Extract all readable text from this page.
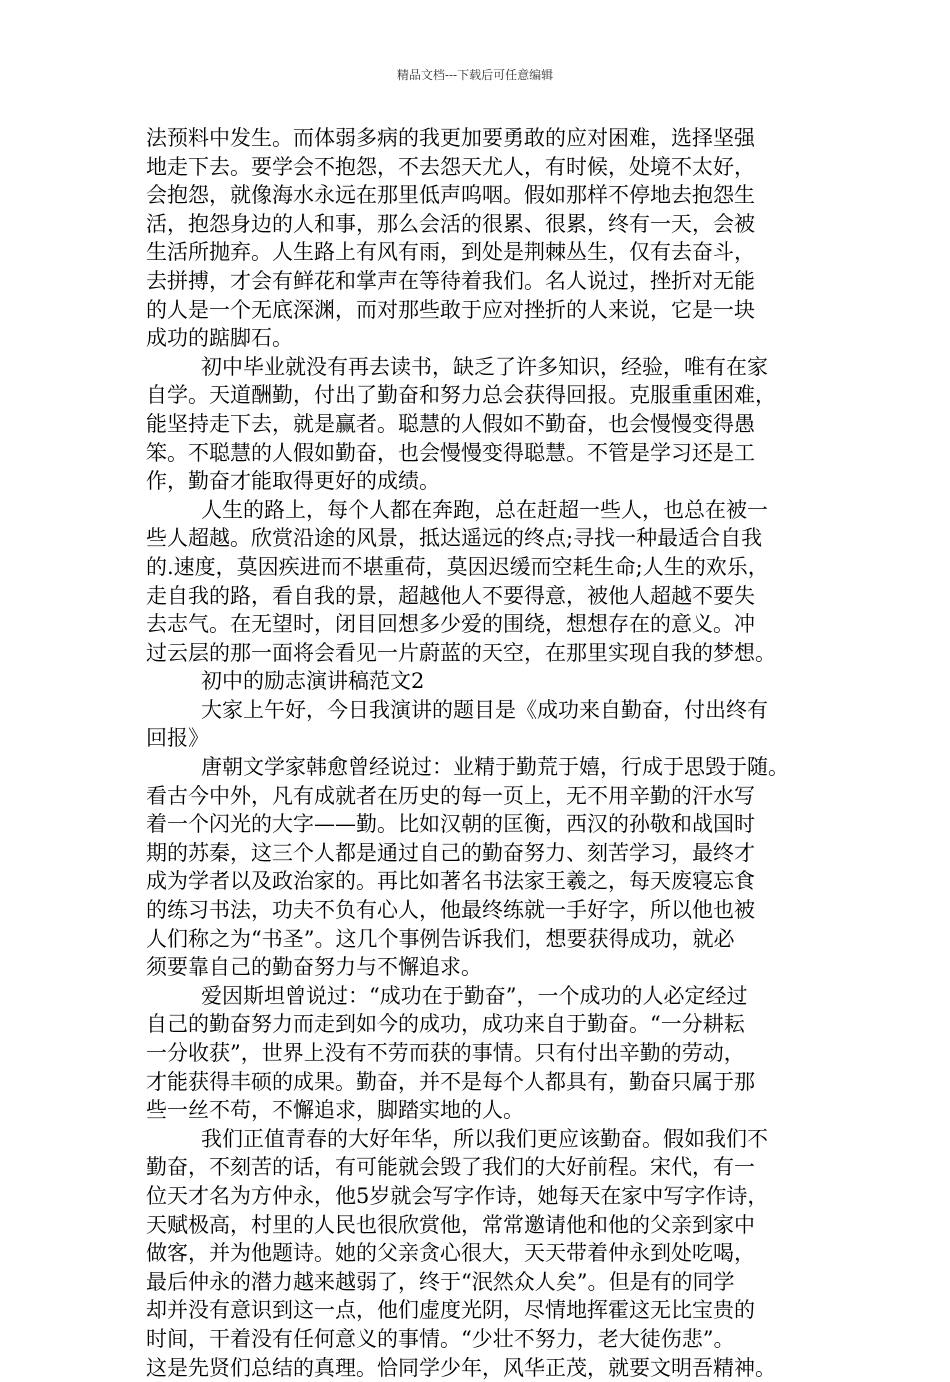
精品文档---下载后可任意编辑
法预料中发生。而体弱多病的我更加要勇敢的应对困难，选择坚强
地走下去。要学会不抱怨，不去怨天尤人，有时候，处境不太好，
会抱怨，就像海水永远在那里低声呜咽。假如那样不停地去抱怨生
活，抱怨身边的人和事，那么会活的很累、很累，终有一天，会被
生活所抛弃。人生路上有风有雨，到处是荆棘丛生，仅有去奋斗，
去拼搏，才会有鲜花和掌声在等待着我们。名人说过，挫折对无能
的人是一个无底深渊，而对那些敢于应对挫折的人来说，它是一块
成功的踮脚石。
初中毕业就没有再去读书，缺乏了许多知识，经验，唯有在家
自学。天道酬勤，付出了勤奋和努力总会获得回报。克服重重困难，
能坚持走下去，就是赢者。聪慧的人假如不勤奋，也会慢慢变得愚
笨。不聪慧的人假如勤奋，也会慢慢变得聪慧。不管是学习还是工
作，勤奋才能取得更好的成绩。
人生的路上，每个人都在奔跑，总在赶超一些人，也总在被一
些人超越。欣赏沿途的风景，抵达遥远的终点;寻找一种最适合自我
的.速度，莫因疾进而不堪重荷，莫因迟缓而空耗生命;人生的欢乐，
走自我的路，看自我的景，超越他人不要得意，被他人超越不要失
去志气。在无望时，闭目回想多少爱的围绕，想想存在的意义。冲
过云层的那一面将会看见一片蔚蓝的天空，在那里实现自我的梦想。
初中的励志演讲稿范文2
大家上午好，今日我演讲的题目是《成功来自勤奋，付出终有
回报》
唐朝文学家韩愈曾经说过：业精于勤荒于嬉，行成于思毁于随。
看古今中外，凡有成就者在历史的每一页上，无不用辛勤的汗水写
着一个闪光的大字——勤。比如汉朝的匡衡，西汉的孙敬和战国时
期的苏秦，这三个人都是通过自己的勤奋努力、刻苦学习，最终才
成为学者以及政治家的。再比如著名书法家王羲之，每天废寝忘食
的练习书法，功夫不负有心人，他最终练就一手好字，所以他也被
人们称之为“书圣”。这几个事例告诉我们，想要获得成功，就必
须要靠自己的勤奋努力与不懈追求。
爱因斯坦曾说过：“成功在于勤奋”，一个成功的人必定经过
自己的勤奋努力而走到如今的成功，成功来自于勤奋。“一分耕耘
一分收获”，世界上没有不劳而获的事情。只有付出辛勤的劳动，
才能获得丰硕的成果。勤奋，并不是每个人都具有，勤奋只属于那
些一丝不苟，不懈追求，脚踏实地的人。
我们正值青春的大好年华，所以我们更应该勤奋。假如我们不
勤奋，不刻苦的话，有可能就会毁了我们的大好前程。宋代，有一
位天才名为方仲永，他5岁就会写字作诗，她每天在家中写字作诗，
天赋极高，村里的人民也很欣赏他，常常邀请他和他的父亲到家中
做客，并为他题诗。她的父亲贪心很大，天天带着仲永到处吃喝，
最后仲永的潜力越来越弱了，终于“泯然众人矣”。但是有的同学
却并没有意识到这一点，他们虚度光阴，尽情地挥霍这无比宝贵的
时间，干着没有任何意义的事情。“少壮不努力，老大徒伤悲”。
这是先贤们总结的真理。恰同学少年，风华正茂，就要文明吾精神。
